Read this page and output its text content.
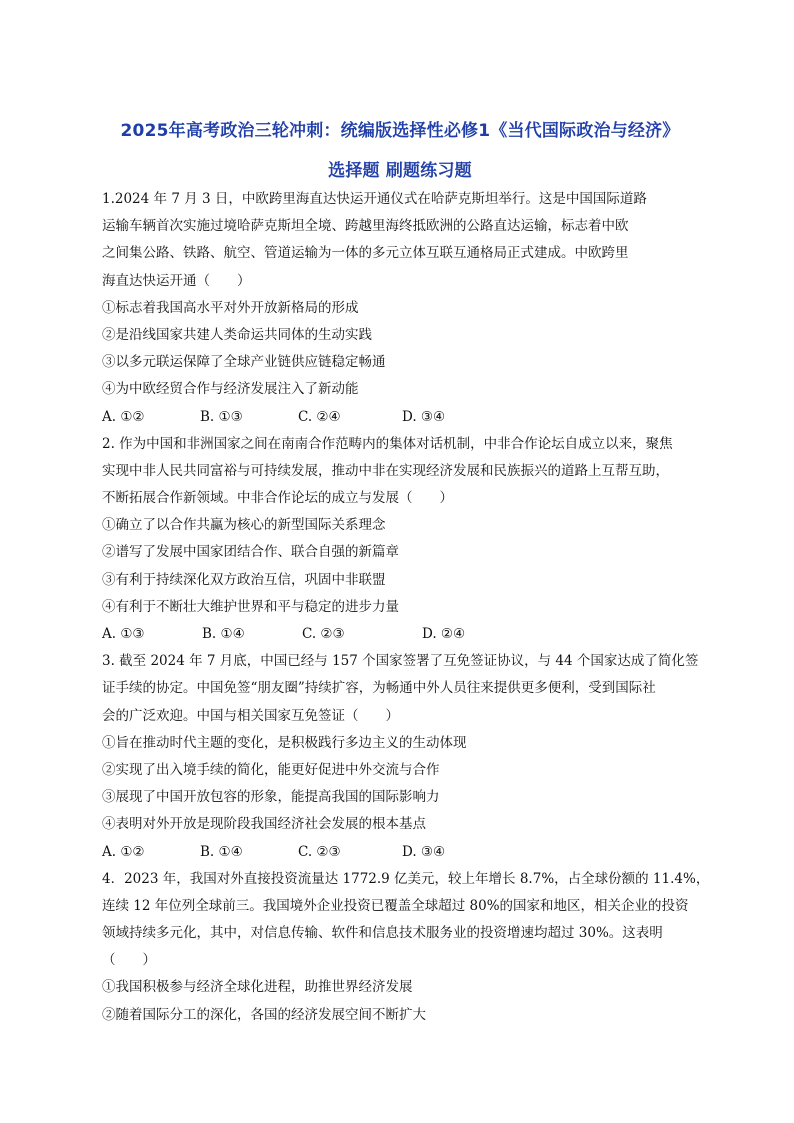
2025年高考政治三轮冲刺：统编版选择性必修1《当代国际政治与经济》
选择题 刷题练习题
1.2024 年 7 月 3 日，中欧跨里海直达快运开通仪式在哈萨克斯坦举行。这是中国国际道路
运输车辆首次实施过境哈萨克斯坦全境、跨越里海终抵欧洲的公路直达运输，标志着中欧
之间集公路、铁路、航空、管道运输为一体的多元立体互联互通格局正式建成。中欧跨里
海直达快运开通（　　）
①标志着我国高水平对外开放新格局的形成
②是沿线国家共建人类命运共同体的生动实践
③以多元联运保障了全球产业链供应链稳定畅通
④为中欧经贸合作与经济发展注入了新动能
A. ①②	B. ①③	C. ②④	D. ③④
2. 作为中国和非洲国家之间在南南合作范畴内的集体对话机制，中非合作论坛自成立以来，聚焦
实现中非人民共同富裕与可持续发展，推动中非在实现经济发展和民族振兴的道路上互帮互助，
不断拓展合作新领域。中非合作论坛的成立与发展（　　）
①确立了以合作共赢为核心的新型国际关系理念
②谱写了发展中国家团结合作、联合自强的新篇章
③有利于持续深化双方政治互信，巩固中非联盟
④有利于不断壮大维护世界和平与稳定的进步力量
A. ①③	B. ①④	C. ②③	D. ②④
3. 截至 2024 年 7 月底，中国已经与 157 个国家签署了互免签证协议，与 44 个国家达成了简化签
证手续的协定。中国免签“朋友圈”持续扩容，为畅通中外人员往来提供更多便利，受到国际社
会的广泛欢迎。中国与相关国家互免签证（　　）
①旨在推动时代主题的变化，是积极践行多边主义的生动体现
②实现了出入境手续的简化，能更好促进中外交流与合作
③展现了中国开放包容的形象，能提高我国的国际影响力
④表明对外开放是现阶段我国经济社会发展的根本基点
A. ①②	B. ①④	C. ②③	D. ③④
4．2023 年，我国对外直接投资流量达 1772.9 亿美元，较上年增长 8.7%，占全球份额的 11.4%，
连续 12 年位列全球前三。我国境外企业投资已覆盖全球超过 80%的国家和地区，相关企业的投资
领域持续多元化，其中，对信息传输、软件和信息技术服务业的投资增速均超过 30%。这表明
（　　）
①我国积极参与经济全球化进程，助推世界经济发展
②随着国际分工的深化，各国的经济发展空间不断扩大
